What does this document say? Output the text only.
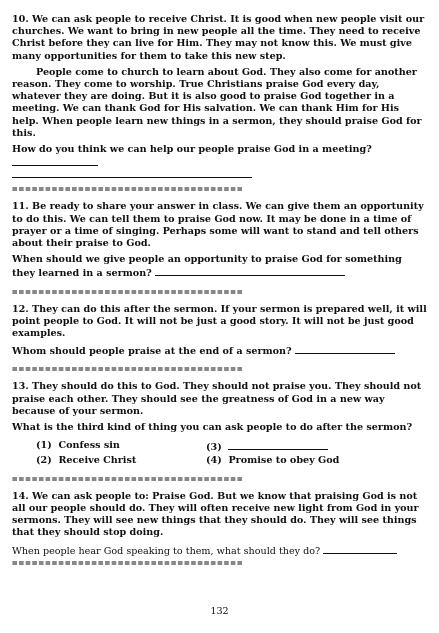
10. We can ask people to receive Christ. It is good when new people visit our churches. We want to bring in new people all the time. They need to receive Christ before they can live for Him. They may not know this. We must give many opportunities for them to take this new step.

People come to church to learn about God. They also come for another reason. They come to worship. True Christians praise God every day, whatever they are doing. But it is also good to praise God together in a meeting. We can thank God for His salvation. We can thank Him for His help. When people learn new things in a sermon, they should praise God for this.

How do you think we can help our people praise God in a meeting?

===================================

11. Be ready to share your answer in class. We can give them an opportunity to do this. We can tell them to praise God now. It may be done in a time of prayer or a time of singing. Perhaps some will want to stand and tell others about their praise to God.

When should we give people an opportunity to praise God for something they learned in a sermon?

===================================

12. They can do this after the sermon. If your sermon is prepared well, it will point people to God. It will not be just a good story. It will not be just good examples.

Whom should people praise at the end of a sermon?

===================================

13. They should do this to God. They should not praise you. They should not praise each other. They should see the greatness of God in a new way because of your sermon.

What is the third kind of thing you can ask people to do after the sermon?

(1) Confess sin	(3)
(2) Receive Christ	(4) Promise to obey God
===================================

14. We can ask people to: Praise God. But we know that praising God is not all our people should do. They will often receive new light from God in your sermons. They will see new things that they should do. They will see things that they should stop doing.

When people hear God speaking to them, what should they do?

===================================
132
